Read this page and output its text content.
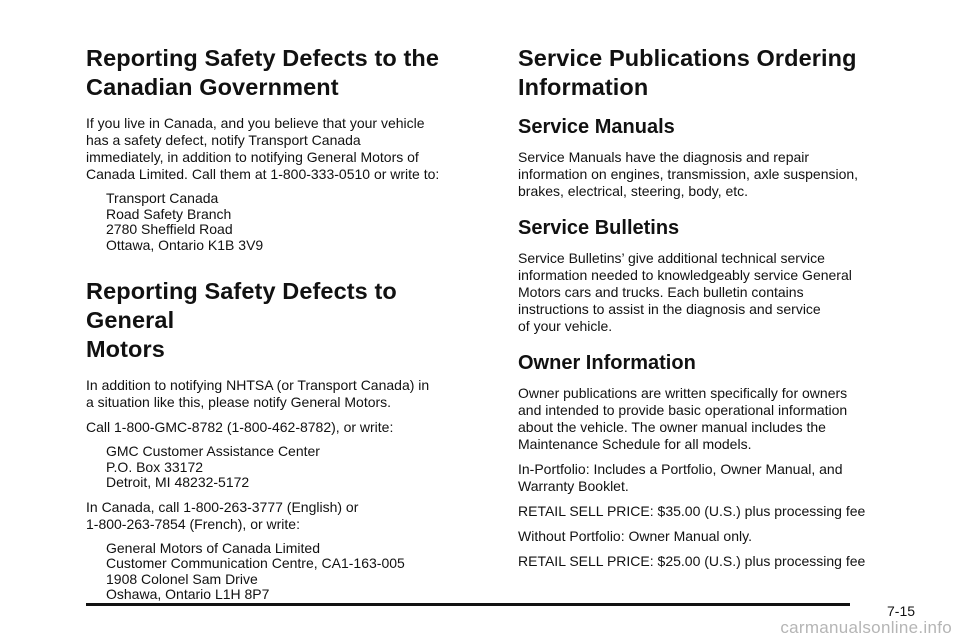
Reporting Safety Defects to the
Canadian Government

If you live in Canada, and you believe that your vehicle
has a safety defect, notify Transport Canada
immediately, in addition to notifying General Motors of
Canada Limited. Call them at 1-800-333-0510 or write to:

Transport Canada
Road Safety Branch
2780 Sheffield Road
Ottawa, Ontario K1B 3V9
Reporting Safety Defects to General
Motors

In addition to notifying NHTSA (or Transport Canada) in
a situation like this, please notify General Motors.

Call 1-800-GMC-8782 (1-800-462-8782), or write:

GMC Customer Assistance Center
P.O. Box 33172
Detroit, MI 48232-5172

In Canada, call 1-800-263-3777 (English) or
1-800-263-7854 (French), or write:

General Motors of Canada Limited
Customer Communication Centre, CA1-163-005
1908 Colonel Sam Drive
Oshawa, Ontario L1H 8P7
Service Publications Ordering
Information
Service Manuals

Service Manuals have the diagnosis and repair
information on engines, transmission, axle suspension,
brakes, electrical, steering, body, etc.

Service Bulletins

Service Bulletins’ give additional technical service
information needed to knowledgeably service General
Motors cars and trucks. Each bulletin contains
instructions to assist in the diagnosis and service
of your vehicle.

Owner Information

Owner publications are written specifically for owners
and intended to provide basic operational information
about the vehicle. The owner manual includes the
Maintenance Schedule for all models.

In-Portfolio: Includes a Portfolio, Owner Manual, and
Warranty Booklet.

RETAIL SELL PRICE: $35.00 (U.S.) plus processing fee

Without Portfolio: Owner Manual only.

RETAIL SELL PRICE: $25.00 (U.S.) plus processing fee

7-15
carmanualsonline.info
